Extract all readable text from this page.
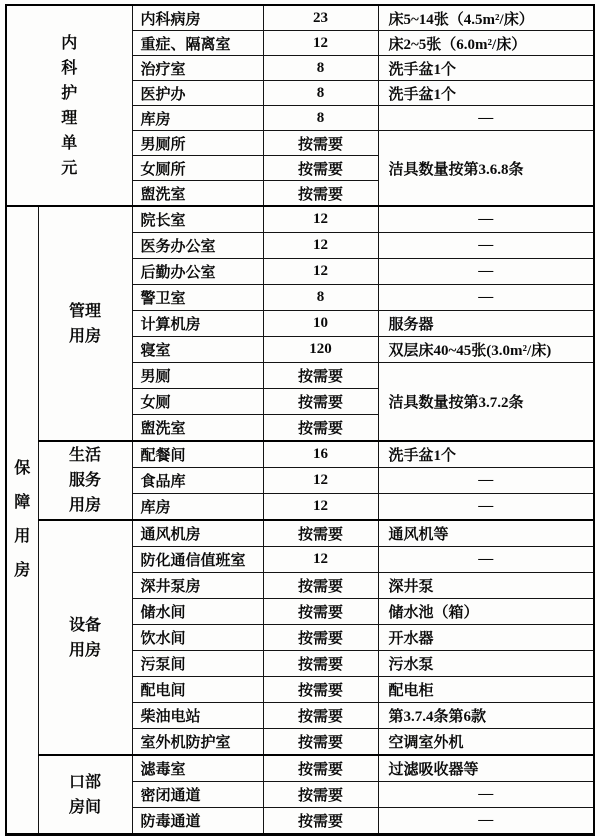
内科护理单元		内科病房	23	床5~14张（4.5m²/床）
		重症、隔离室	12	床2~5张（6.0m²/床）
		治疗室	8	洗手盆1个
		医护办	8	洗手盆1个
		库房	8	—
		男厕所	按需要	洁具数量按第3.6.8条
		女厕所	按需要	
		盥洗室	按需要	

保障用房	管理用房	院长室	12	—
		医务办公室	12	—
		后勤办公室	12	—
		警卫室	8	—
		计算机房	10	服务器
		寝室	120	双层床40~45张(3.0m²/床)
		男厕	按需要	洁具数量按第3.7.2条
		女厕	按需要	
		盥洗室	按需要	

	生活服务用房	配餐间	16	洗手盆1个
		食品库	12	—
		库房	12	—

	设备用房	通风机房	按需要	通风机等
		防化通信值班室	12	—
		深井泵房	按需要	深井泵
		储水间	按需要	储水池（箱）
		饮水间	按需要	开水器
		污泵间	按需要	污水泵
		配电间	按需要	配电柜
		柴油电站	按需要	第3.7.4条第6款
		室外机防护室	按需要	空调室外机

	口部房间	滤毒室	按需要	过滤吸收器等
		密闭通道	按需要	—
		防毒通道	按需要	—
